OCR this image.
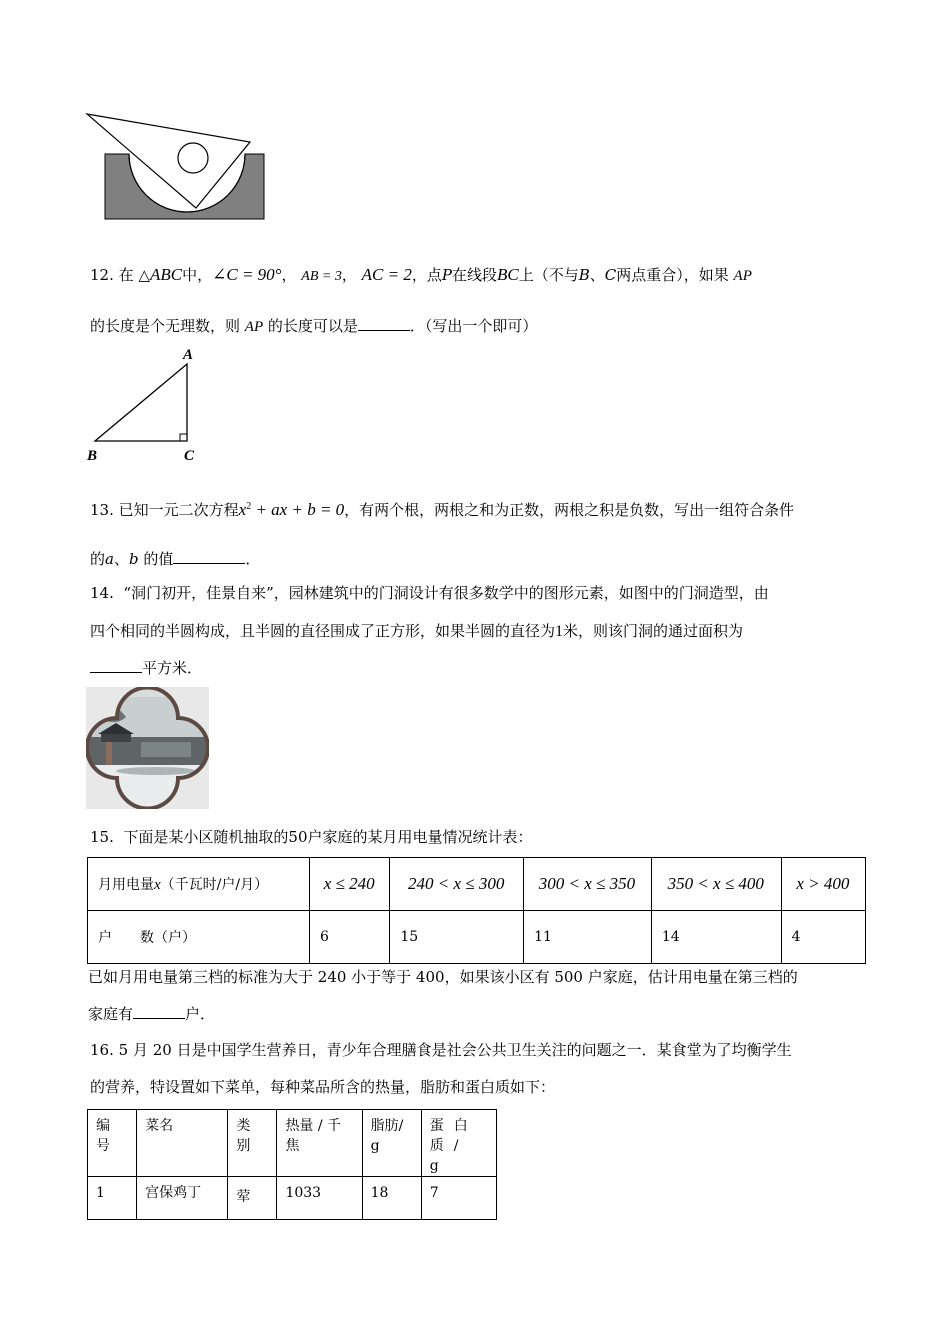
12. 在 △ABC中，∠C = 90°， AB = 3， AC = 2，点P在线段BC上（不与B、C两点重合），如果 AP
的长度是个无理数，则 AP 的长度可以是	．（写出一个即可）
A
B	C
13. 已知一元二次方程$x^2$ + ax + b = 0，有两个根，两根之和为正数，两根之积是负数，写出一组符合条件
的a、b 的值	．
14. “洞门初开，佳景自来”，园林建筑中的门洞设计有很多数学中的图形元素，如图中的门洞造型，由
四个相同的半圆构成，且半圆的直径围成了正方形，如果半圆的直径为1米，则该门洞的通过面积为
平方米．
15. 下面是某小区随机抽取的50户家庭的某月用电量情况统计表：
月用电量x（千瓦时/户/月）	x ≤ 240	240 < x ≤ 300	300 < x ≤ 350	350 < x ≤ 400	x > 400
户　　数（户）	6	15	11	14	4
已如月用电量第三档的标准为大于 240 小于等于 400，如果该小区有 500 户家庭，估计用电量在第三档的
家庭有	户．
16. 5 月 20 日是中国学生营养日，青少年合理膳食是社会公共卫生关注的问题之一．某食堂为了均衡学生
的营养，特设置如下菜单，每种菜品所含的热量，脂肪和蛋白质如下：
编号	菜名	类别	热量 / 千焦	脂肪/g	蛋白质/g

1	宫保鸡丁	荤	1033	18	7
